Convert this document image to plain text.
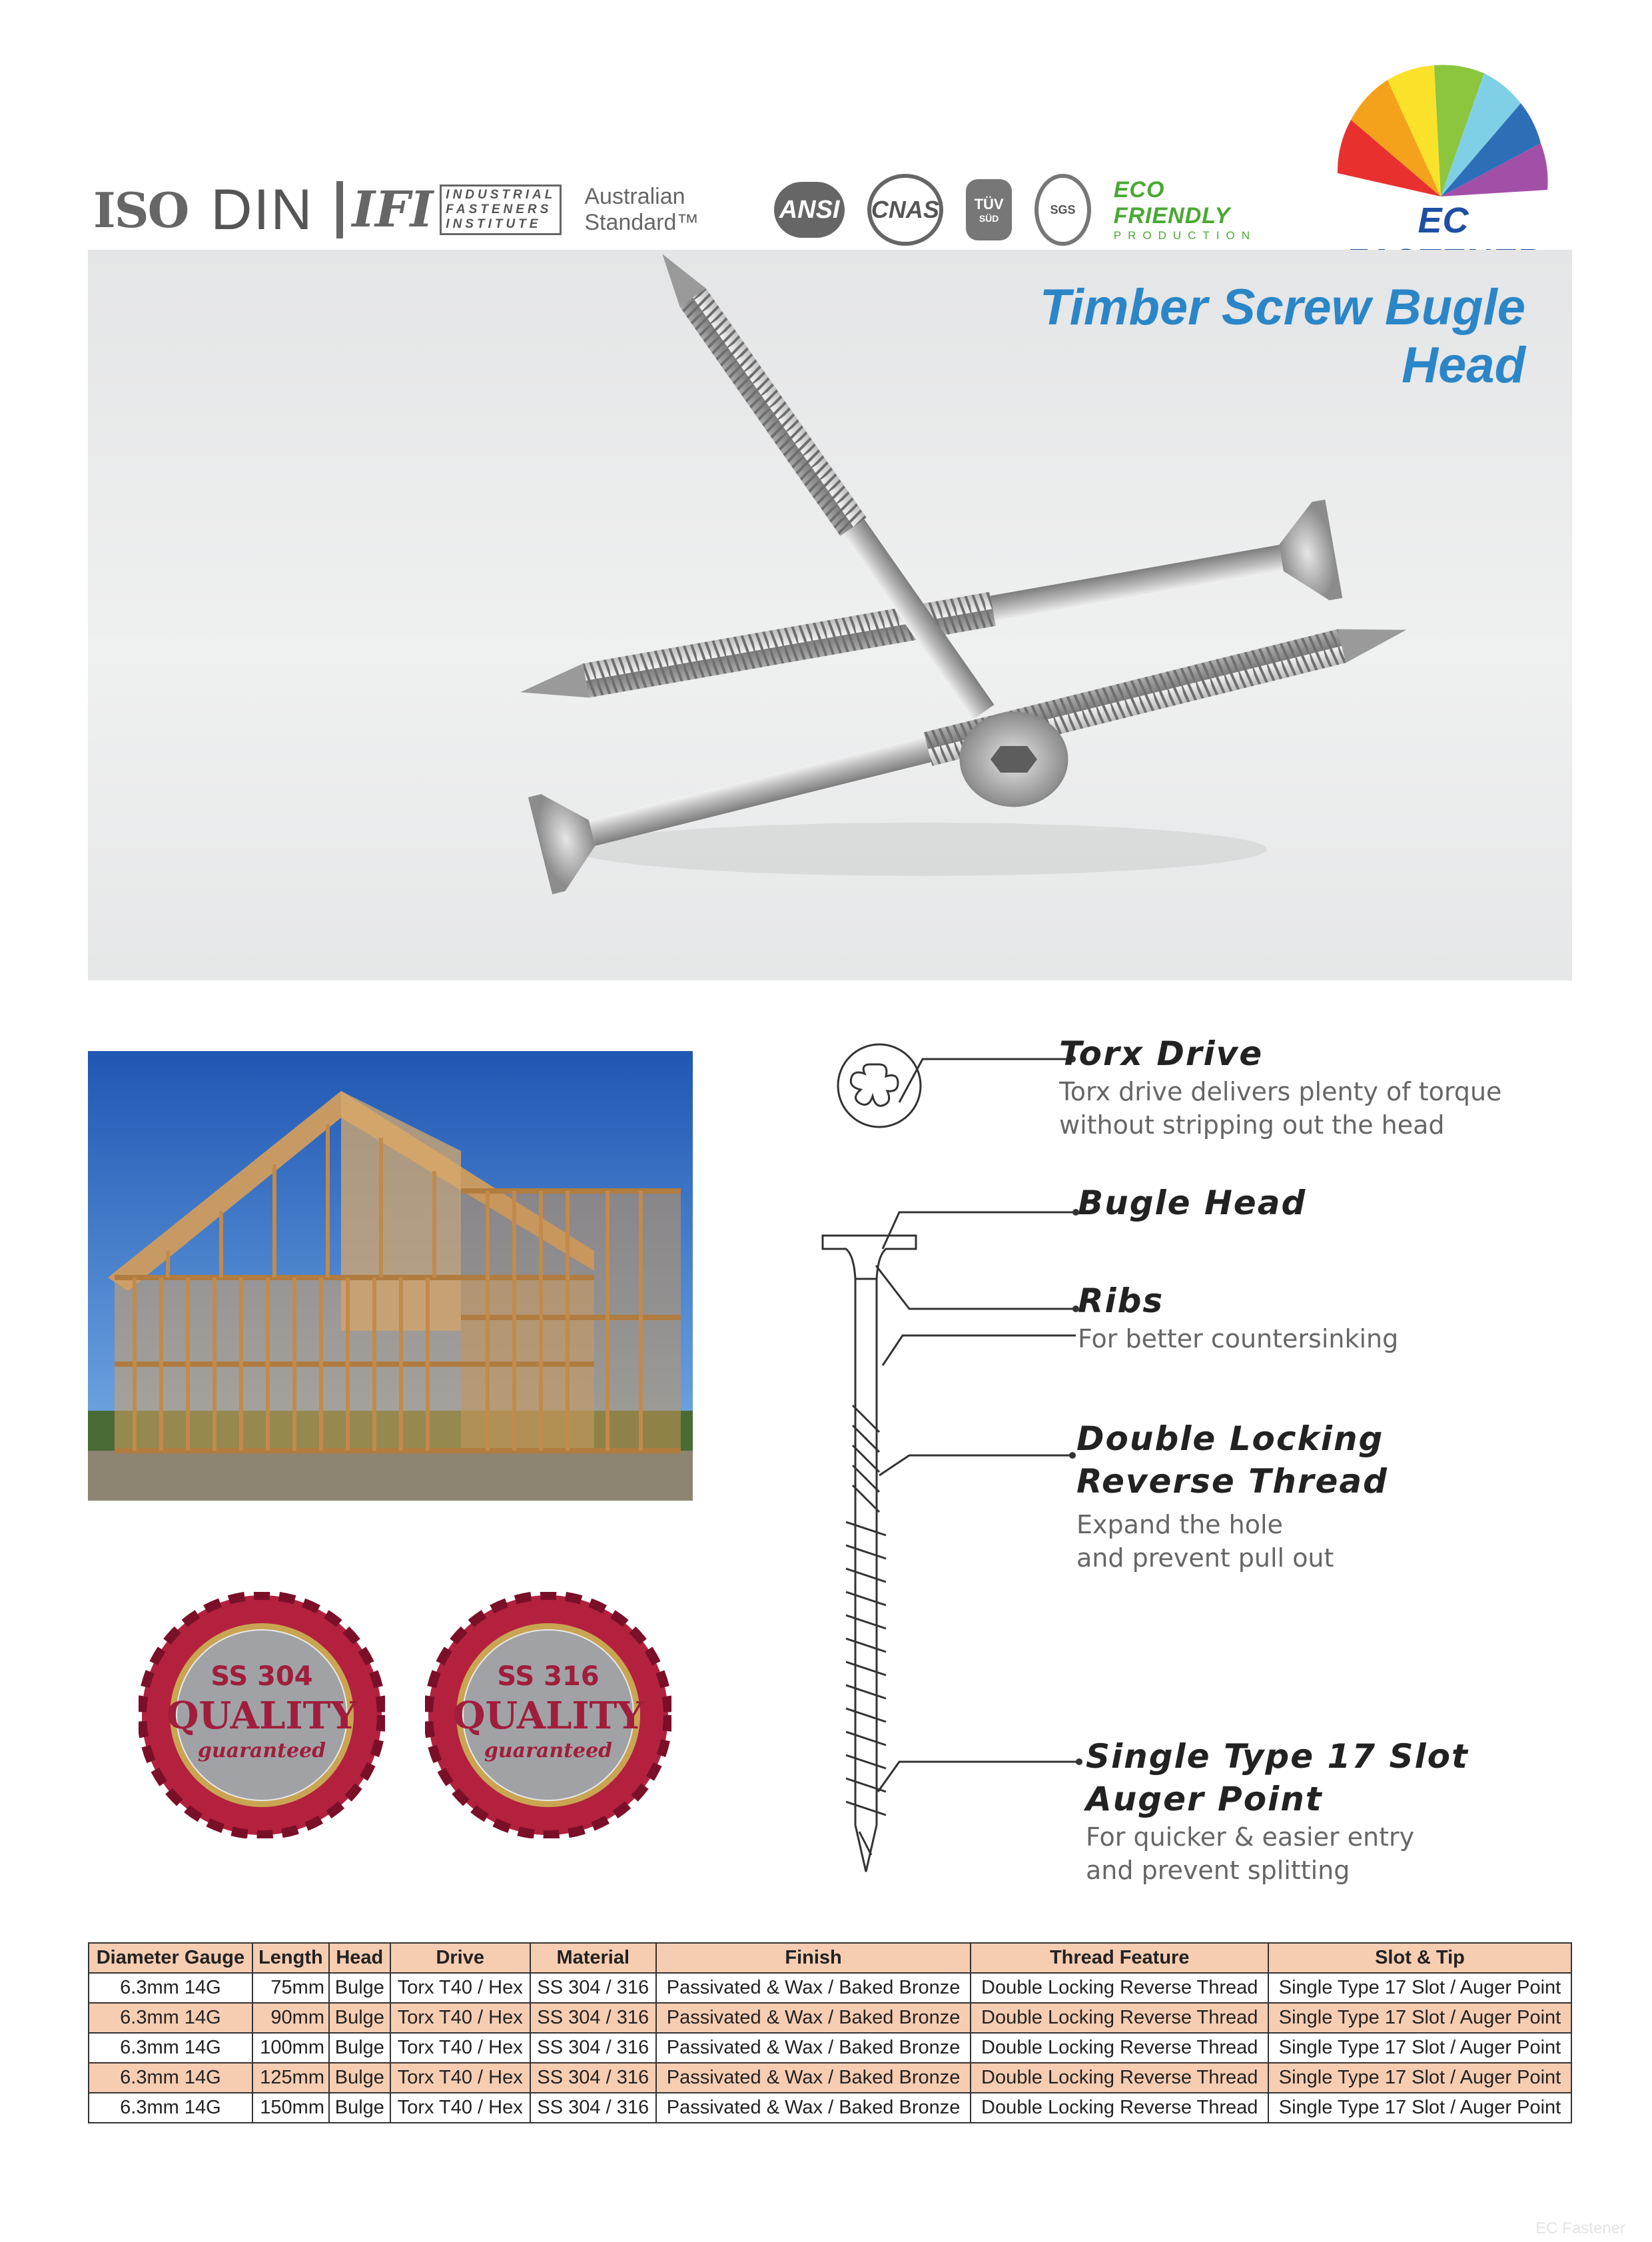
ISO DIN IFI INDUSTRIAL
FASTENERS
INSTITUTE
Australian Standard™	ANSI CNAS TÜV
SÜD
SGS
ECO FRIENDLY
PRODUCTION	EC
Timber Screw Bugle Head
SS 304
QUALITY
guaranteed
SS 316
QUALITY
guaranteed
Torx Drive
Torx drive delivers plenty of torque
without stripping out the head
Bugle Head
Ribs
For better countersinking
Double Locking
Reverse Thread
Expand the hole
and prevent pull out
Single Type 17 Slot
Auger Point
For quicker & easier entry
and prevent splitting
Diameter Gauge	Length	Head	Drive	Material	Finish	Thread Feature	Slot & Tip
6.3mm 14G	75mm	Bulge	Torx T40 / Hex	SS 304 / 316	Passivated & Wax / Baked Bronze	Double Locking Reverse Thread	Single Type 17 Slot / Auger Point
6.3mm 14G	90mm	Bulge	Torx T40 / Hex	SS 304 / 316	Passivated & Wax / Baked Bronze	Double Locking Reverse Thread	Single Type 17 Slot / Auger Point
6.3mm 14G	100mm	Bulge	Torx T40 / Hex	SS 304 / 316	Passivated & Wax / Baked Bronze	Double Locking Reverse Thread	Single Type 17 Slot / Auger Point
6.3mm 14G	125mm	Bulge	Torx T40 / Hex	SS 304 / 316	Passivated & Wax / Baked Bronze	Double Locking Reverse Thread	Single Type 17 Slot / Auger Point
6.3mm 14G	150mm	Bulge	Torx T40 / Hex	SS 304 / 316	Passivated & Wax / Baked Bronze	Double Locking Reverse Thread	Single Type 17 Slot / Auger Point
EC Fastener
